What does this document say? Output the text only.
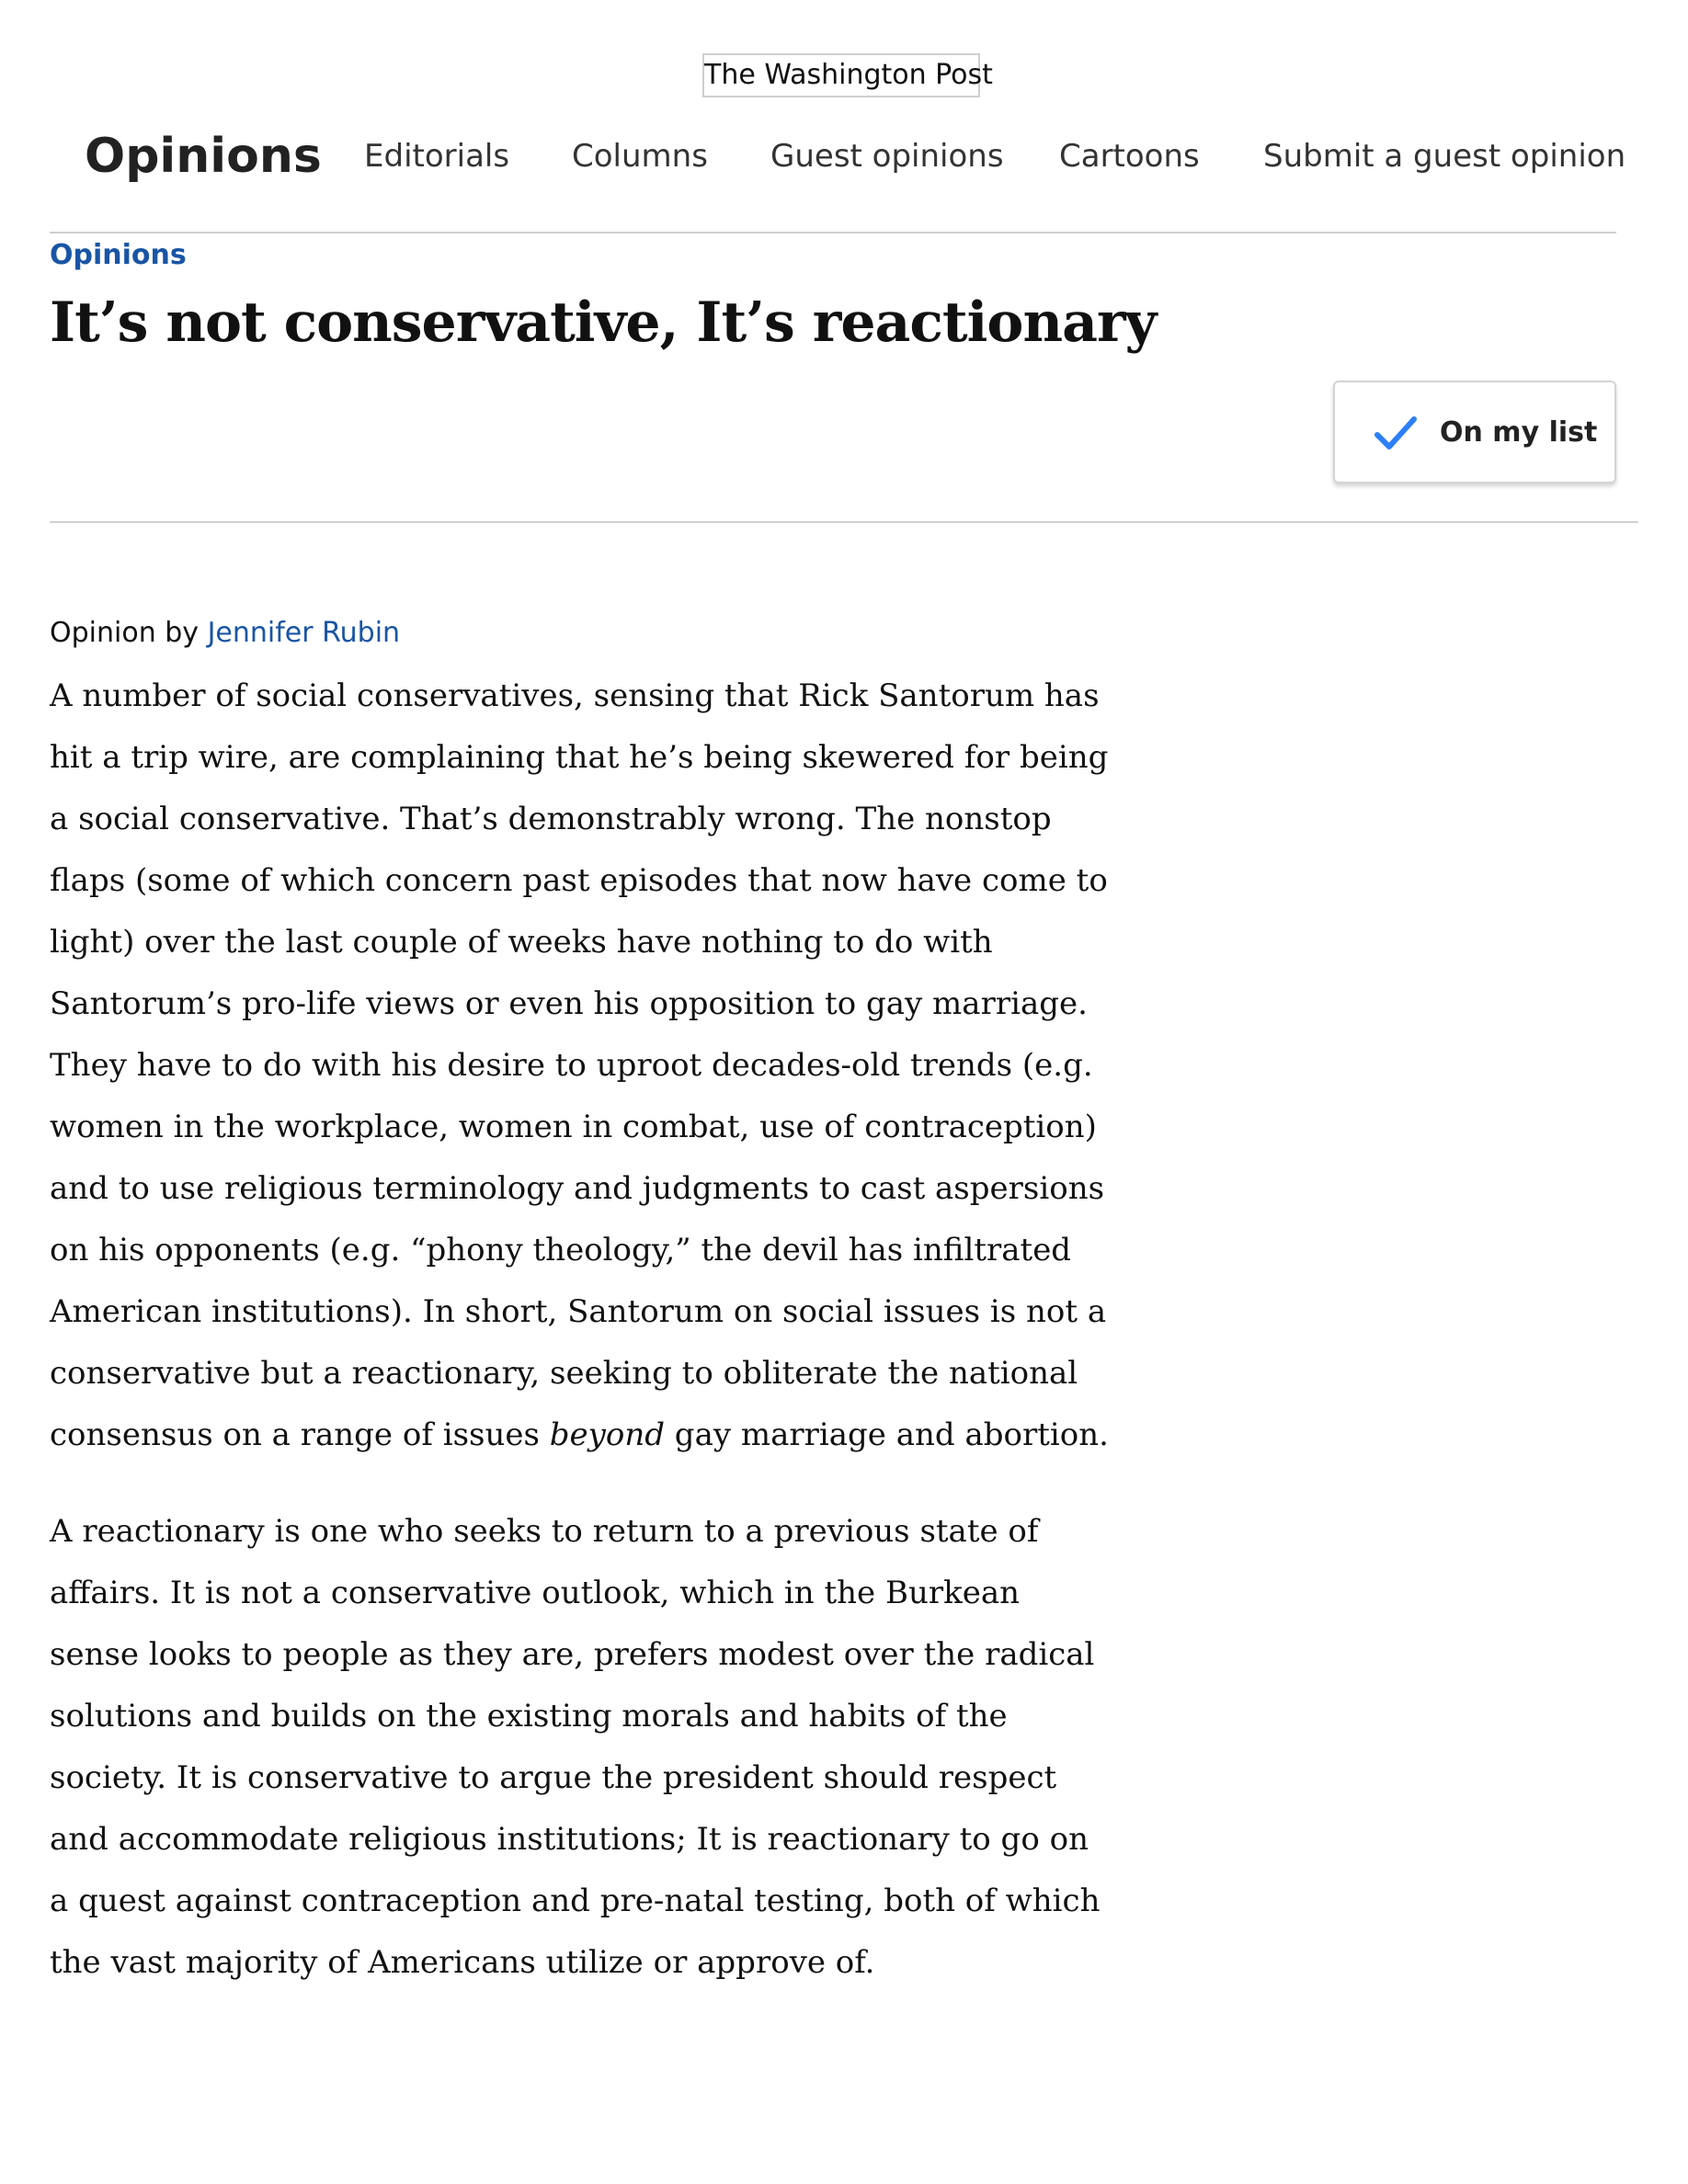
The Washington Post
Opinions Editorials Columns Guest opinions Cartoons Submit a guest opinion
Opinions
It’s not conservative, It’s reactionary
On my list
Opinion by Jennifer Rubin

A number of social conservatives, sensing that Rick Santorum has
hit a trip wire, are complaining that he’s being skewered for being
a social conservative. That’s demonstrably wrong. The nonstop
flaps (some of which concern past episodes that now have come to
light) over the last couple of weeks have nothing to do with
Santorum’s pro-life views or even his opposition to gay marriage.
They have to do with his desire to uproot decades-old trends (e.g.
women in the workplace, women in combat, use of contraception)
and to use religious terminology and judgments to cast aspersions
on his opponents (e.g. “phony theology,” the devil has infiltrated
American institutions). In short, Santorum on social issues is not a
conservative but a reactionary, seeking to obliterate the national
consensus on a range of issues beyond gay marriage and abortion.

A reactionary is one who seeks to return to a previous state of
affairs. It is not a conservative outlook, which in the Burkean
sense looks to people as they are, prefers modest over the radical
solutions and builds on the existing morals and habits of the
society. It is conservative to argue the president should respect
and accommodate religious institutions; It is reactionary to go on
a quest against contraception and pre-natal testing, both of which
the vast majority of Americans utilize or approve of.
